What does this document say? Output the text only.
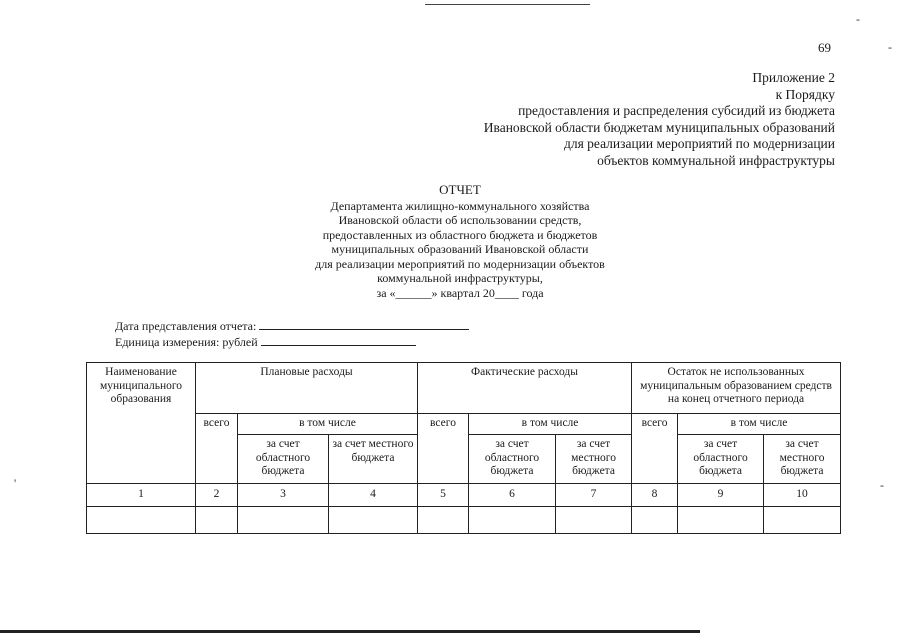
-
-
'	-
69
Приложение 2
к Порядку
предоставления и распределения субсидий из бюджета
Ивановской области бюджетам муниципальных образований
для реализации мероприятий по модернизации
объектов коммунальной инфраструктуры
ОТЧЕТ
Департамента жилищно-коммунального хозяйства
Ивановской области об использовании средств,
предоставленных из областного бюджета и бюджетов
муниципальных образований Ивановской области
для реализации мероприятий по модернизации объектов
коммунальной инфраструктуры,
за «______» квартал 20____ года
Дата представления отчета:
Единица измерения: рублей
Наименование муниципального образования	Плановые расходы			Фактические расходы			Остаток не использованных муниципальным образованием средств на конец отчетного периода		
	всего	в том числе		всего	в том числе		всего	в том числе	
		за счет областного бюджета	за счет местного бюджета		за счет областного бюджета	за счет местного бюджета		за счет областного бюджета	за счет местного бюджета
1	2	3	4	5	6	7	8	9	10
